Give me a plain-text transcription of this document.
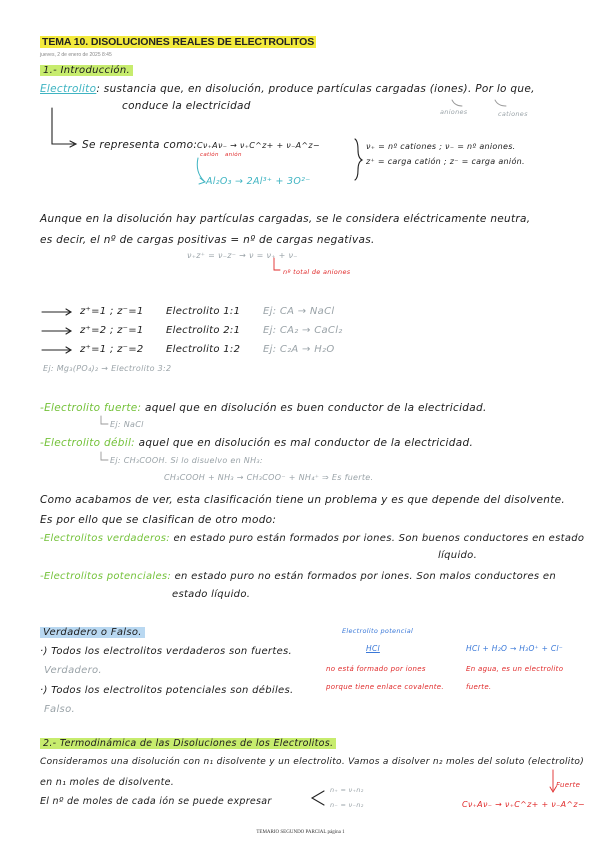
TEMA 10. DISOLUCIONES REALES DE ELECTROLITOS
jueves, 2 de enero de 2025 8:45
1.- Introducción.
Electrolito: sustancia que, en disolución, produce partículas cargadas (iones). Por lo que,
conduce la electricidad	aniones	cationes
Se representa como: Cν₊Aν₋ → ν₊C^z+ + ν₋A^z−
catión anión
Al₂O₃ → 2Al³⁺ + 3O²⁻
ν₊ = nº cationes ; ν₋ = nº aniones.
z⁺ = carga catión ; z⁻ = carga anión.
Aunque en la disolución hay partículas cargadas, se le considera eléctricamente neutra,
es decir, el nº de cargas positivas = nº de cargas negativas.
ν₊z⁺ = ν₋z⁻ → ν = ν₊ + ν₋
nº total de aniones
z⁺=1 ; z⁻=1 Electrolito 1:1 Ej: CA → NaCl
z⁺=2 ; z⁻=1 Electrolito 2:1 Ej: CA₂ → CaCl₂
z⁺=1 ; z⁻=2 Electrolito 1:2 Ej: C₂A → H₂O
Ej: Mg₃(PO₄)₂ → Electrolito 3:2
-Electrolito fuerte: aquel que en disolución es buen conductor de la electricidad.
Ej: NaCl
-Electrolito débil: aquel que en disolución es mal conductor de la electricidad.
Ej: CH₃COOH. Si lo disuelvo en NH₃:
CH₃COOH + NH₃ → CH₃COO⁻ + NH₄⁺ ⇒ Es fuerte.
Como acabamos de ver, esta clasificación tiene un problema y es que depende del disolvente.
Es por ello que se clasifican de otro modo:
-Electrolitos verdaderos: en estado puro están formados por iones. Son buenos conductores en estado
líquido.
-Electrolitos potenciales: en estado puro no están formados por iones. Son malos conductores en
estado líquido.
Verdadero o Falso.
·) Todos los electrolitos verdaderos son fuertes.
Verdadero.
·) Todos los electrolitos potenciales son débiles.
Falso.
Electrolito potencial
HCl	HCl + H₂O → H₃O⁺ + Cl⁻
no está formado por iones
porque tiene enlace covalente.
En agua, es un electrolito
fuerte.
2.- Termodinámica de las Disoluciones de los Electrolitos.
Consideramos una disolución con n₁ disolvente y un electrolito. Vamos a disolver n₂ moles del soluto (electrolito)
en n₁ moles de disolvente.
El nº de moles de cada ión se puede expresar
n₊ = ν₊n₂
n₋ = ν₋n₂
Fuerte
Cν₊Aν₋ → ν₊C^z+ + ν₋A^z−
TEMARIO SEGUNDO PARCIAL página 1
